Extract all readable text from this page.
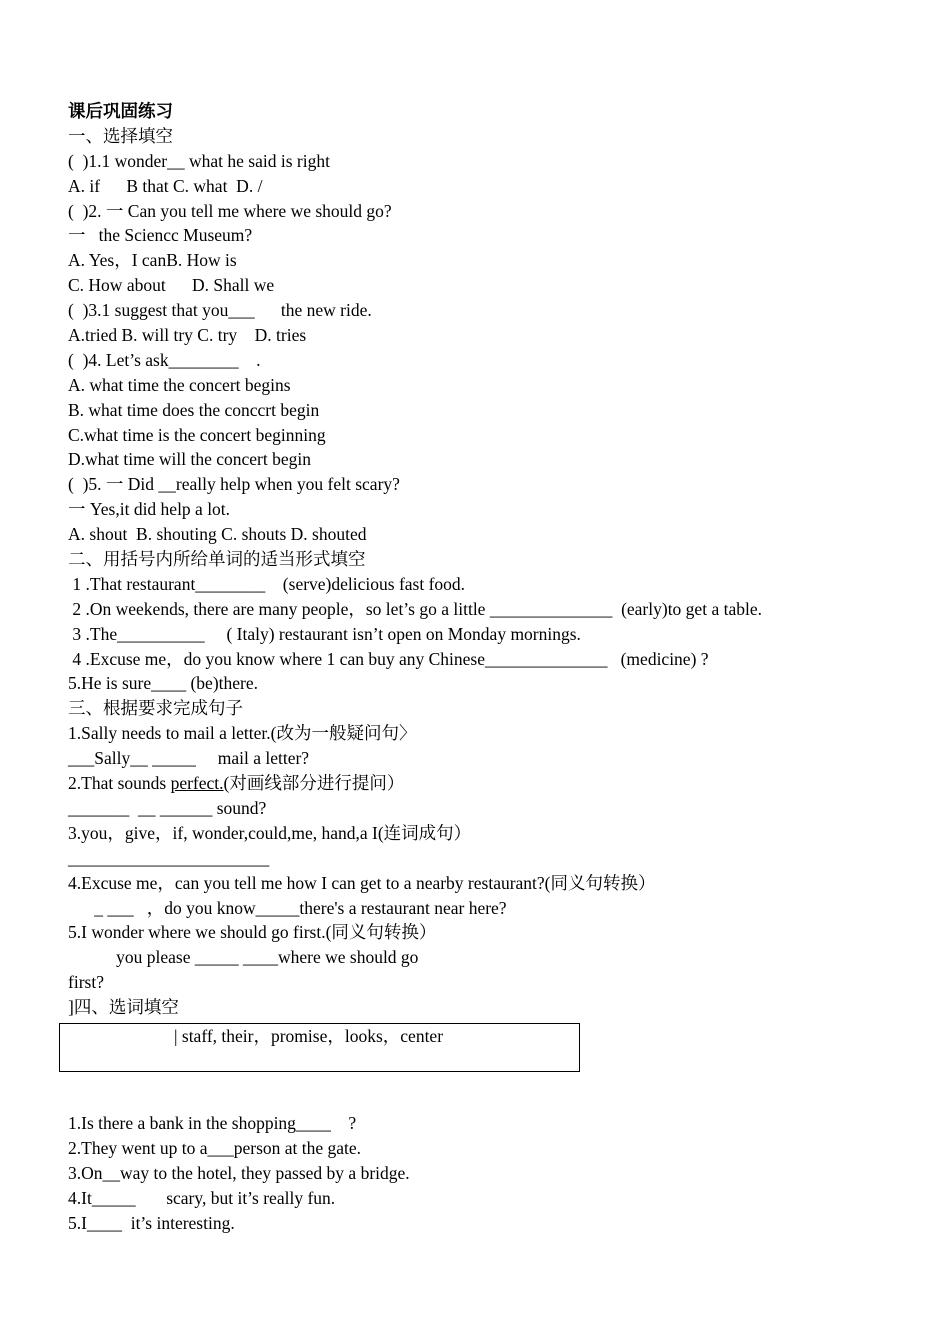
课后巩固练习
一、选择填空
(  )1.1 wonder__ what he said is right
A. if      B that C. what  D. /
(  )2. 一 Can you tell me where we should go?
一   the Sciencc Museum?
A. Yes，I canB. How is
C. How about      D. Shall we
(  )3.1 suggest that you___      the new ride.
A.tried B. will try C. try    D. tries
(  )4. Let’s ask________    .
A. what time the concert begins
B. what time does the conccrt begin
C.what time is the concert beginning
D.what time will the concert begin
(  )5. 一 Did __really help when you felt scary?
一 Yes,it did help a lot.
A. shout  B. shouting C. shouts D. shouted
二、用括号内所给单词的适当形式填空
1 .That restaurant________    (serve)delicious fast food.
2 .On weekends, there are many people，so let’s go a little ______________  (early)to get a table.
3 .The__________     ( Italy) restaurant isn’t open on Monday mornings.
4 .Excuse me，do you know where 1 can buy any Chinese______________   (medicine) ?
5.He is sure____ (be)there.
三、根据要求完成句子
1.Sally needs to mail a letter.(改为一般疑问句〉
___Sally__ _____     mail a letter?
2.That sounds perfect.(对画线部分进行提问）
_______  __ ______ sound?
3.you，give，if, wonder,could,me, hand,a I(连词成句）
_______________________
4.Excuse me，can you tell me how I can get to a nearby restaurant?(同义句转换）
_ ___   ，do you know_____there's a restaurant near here?
5.I wonder where we should go first.(同义句转换）
you please _____ ____where we should go
first?
]四、选词填空
| staff, their，promise，looks，center
1.Is there a bank in the shopping____    ?
2.They went up to a___person at the gate.
3.On__way to the hotel, they passed by a bridge.
4.It_____       scary, but it’s really fun.
5.I____  it’s interesting.
